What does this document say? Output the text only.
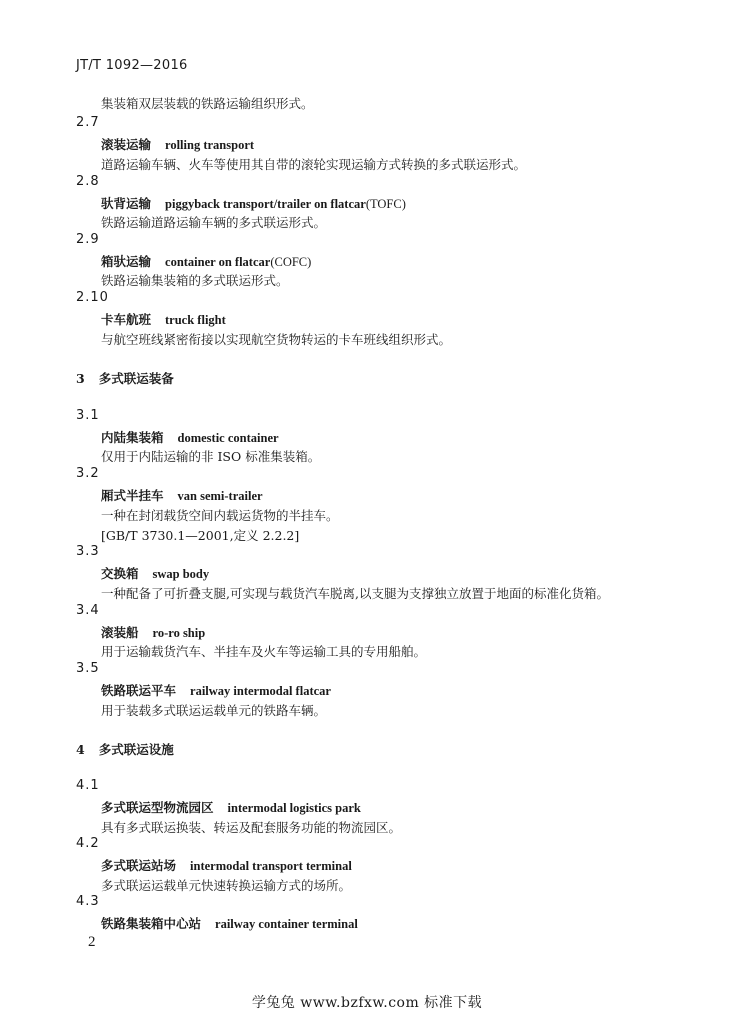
JT/T 1092—2016
集装箱双层装载的铁路运输组织形式。
2.7
滚装运输 rolling transport
道路运输车辆、火车等使用其自带的滚轮实现运输方式转换的多式联运形式。
2.8
驮背运输 piggyback transport/trailer on flatcar(TOFC)
铁路运输道路运输车辆的多式联运形式。
2.9
箱驮运输 container on flatcar(COFC)
铁路运输集装箱的多式联运形式。
2.10
卡车航班 truck flight
与航空班线紧密衔接以实现航空货物转运的卡车班线组织形式。
3 多式联运装备
3.1
内陆集装箱 domestic container
仅用于内陆运输的非 ISO 标准集装箱。
3.2
厢式半挂车 van semi-trailer
一种在封闭载货空间内载运货物的半挂车。
[GB/T 3730.1—2001,定义 2.2.2]
3.3
交换箱 swap body
一种配备了可折叠支腿,可实现与载货汽车脱离,以支腿为支撑独立放置于地面的标准化货箱。
3.4
滚装船 ro-ro ship
用于运输载货汽车、半挂车及火车等运输工具的专用船舶。
3.5
铁路联运平车 railway intermodal flatcar
用于装载多式联运运载单元的铁路车辆。
4 多式联运设施
4.1
多式联运型物流园区 intermodal logistics park
具有多式联运换装、转运及配套服务功能的物流园区。
4.2
多式联运站场 intermodal transport terminal
多式联运运载单元快速转换运输方式的场所。
4.3
铁路集装箱中心站 railway container terminal
2
学兔兔 www.bzfxw.com 标准下载
